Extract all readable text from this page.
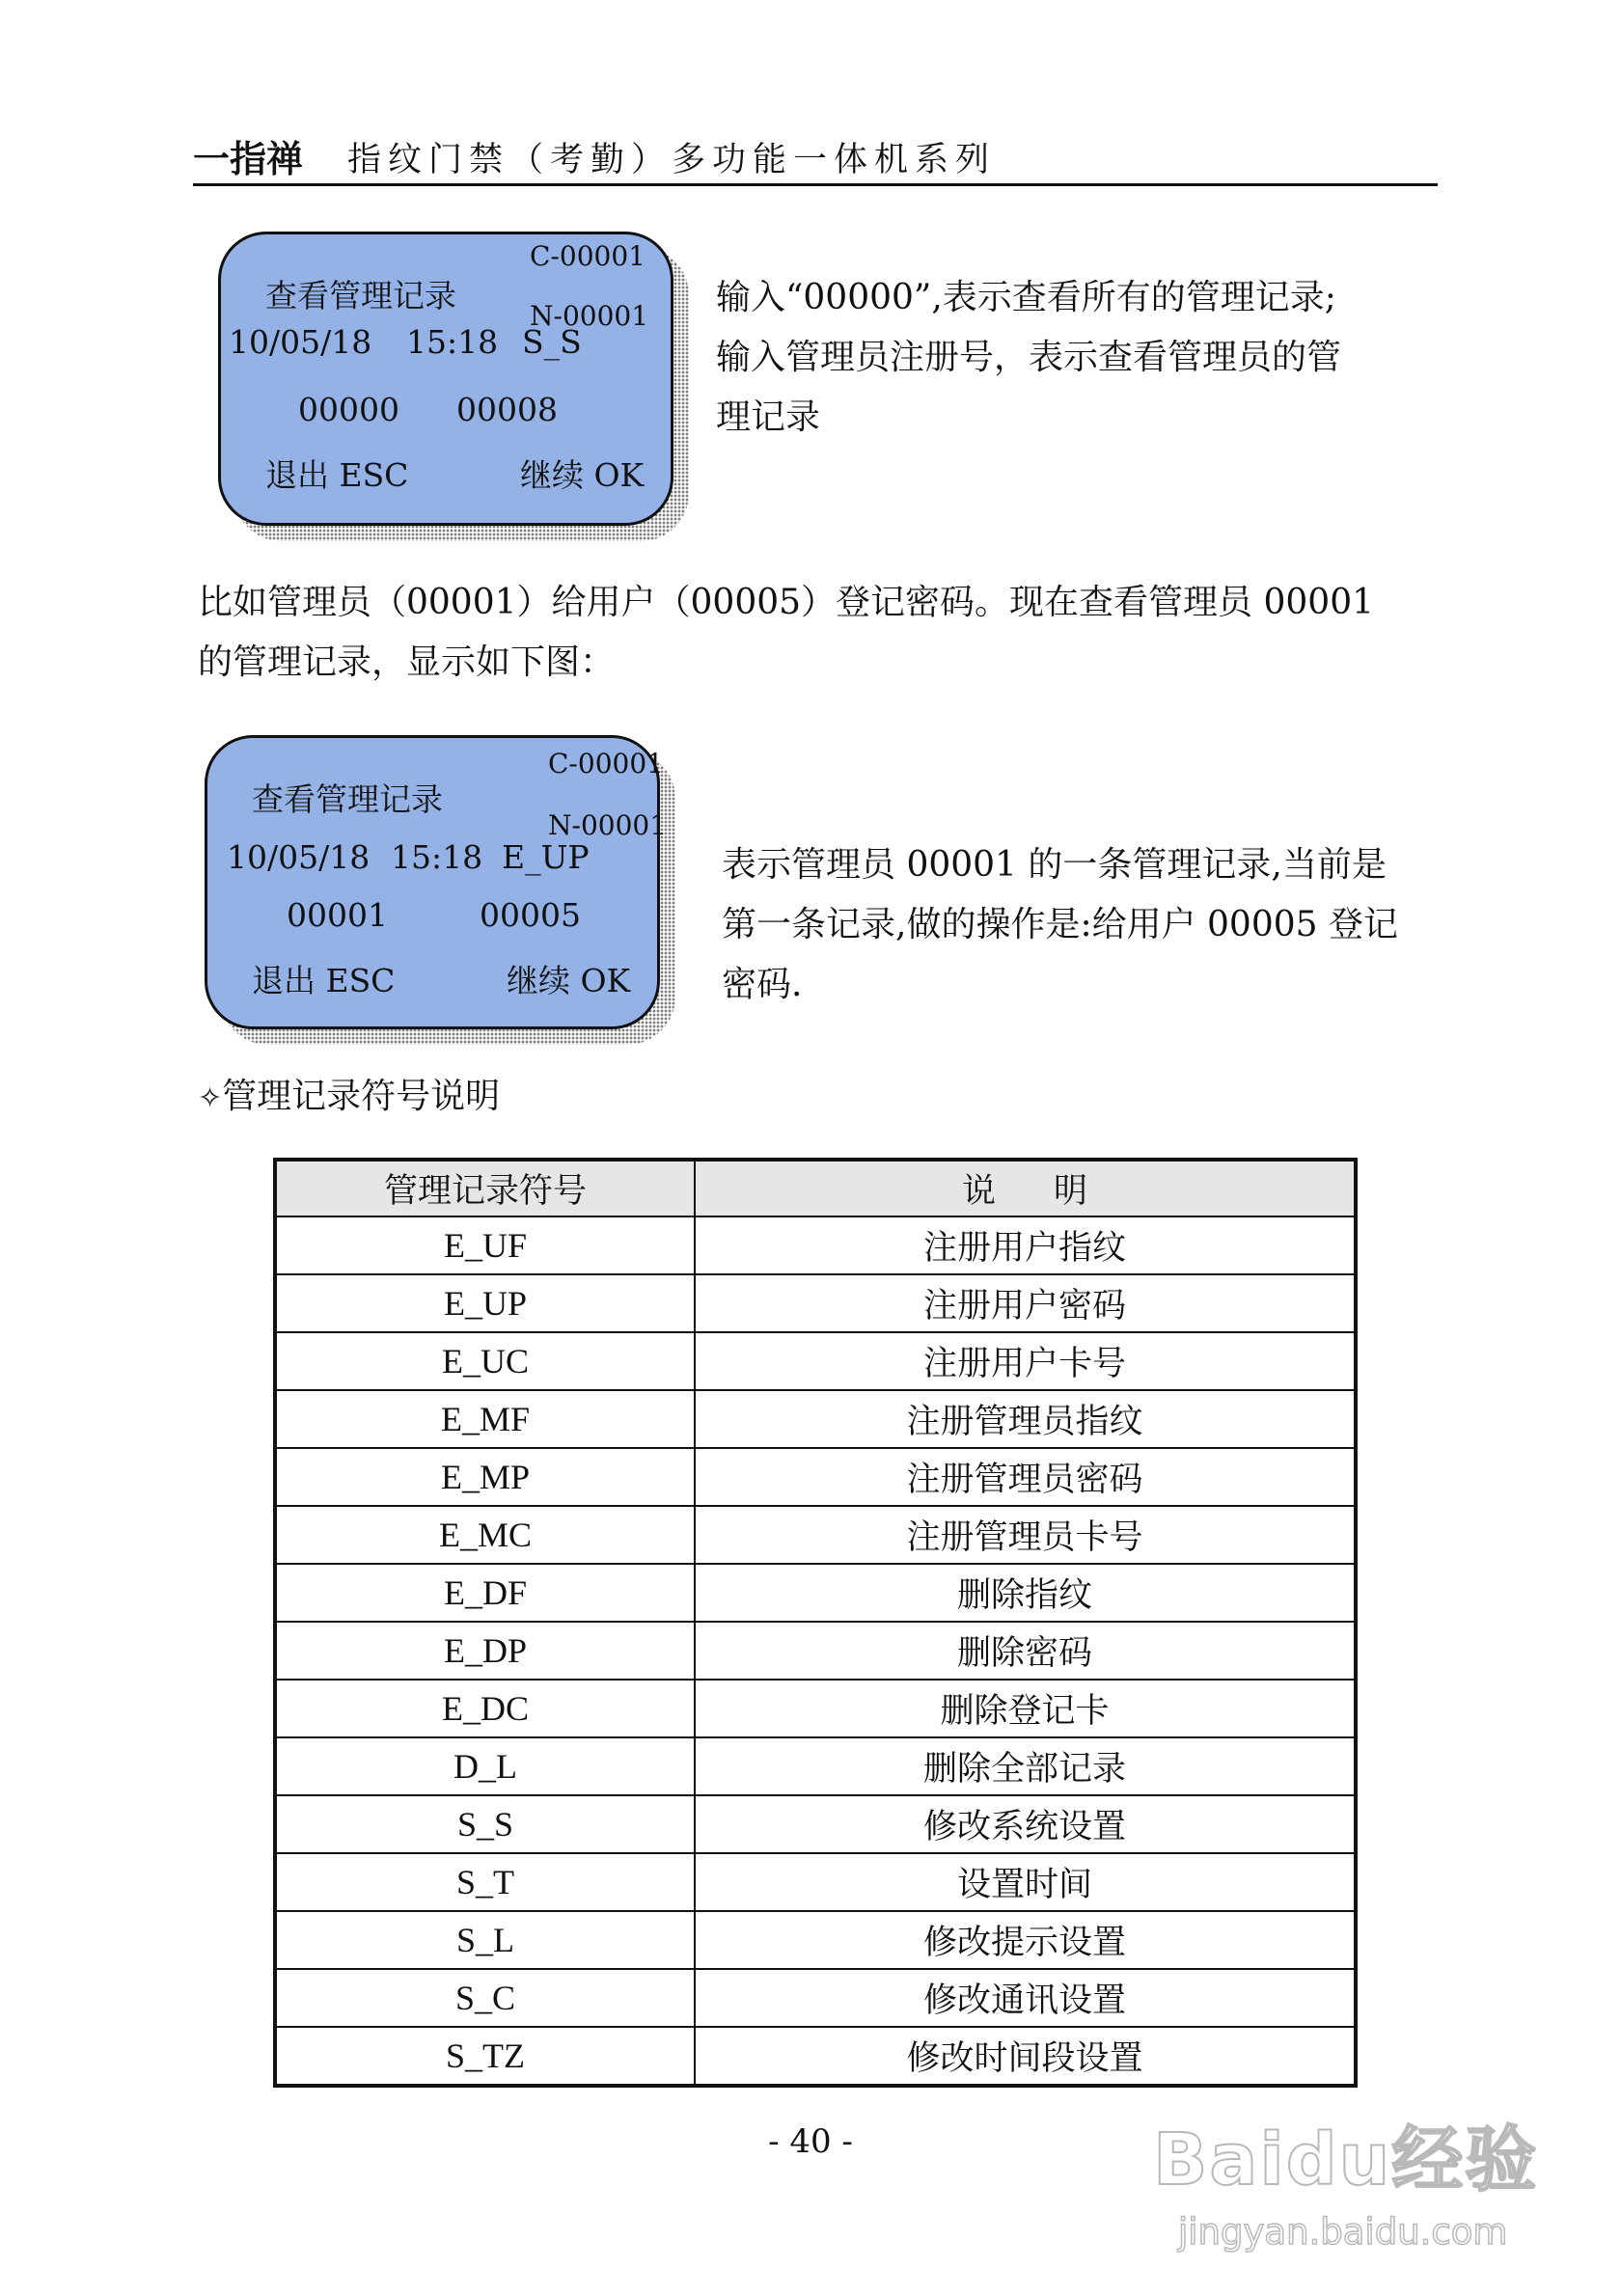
一指禅 指纹门禁（考勤）多功能一体机系列
C-00001
查看管理记录
N-00001
10/05/18 15:18 S_S
00000 00008
退出 ESC	继续 OK

输入“00000”,表示查看所有的管理记录;

输入管理员注册号，表示查看管理员的管

理记录

比如管理员（00001）给用户（00005）登记密码。现在查看管理员 00001

的管理记录，显示如下图：

C-00001
查看管理记录
N-00001
10/05/18 15:18 E_UP
00001	00005
退出 ESC	继续 OK

表示管理员 00001 的一条管理记录,当前是

第一条记录,做的操作是:给用户 00005 登记

密码.

✧管理记录符号说明
管理记录符号	说明
E_UF	注册用户指纹
E_UP	注册用户密码
E_UC	注册用户卡号
E_MF	注册管理员指纹
E_MP	注册管理员密码
E_MC	注册管理员卡号
E_DF	删除指纹
E_DP	删除密码
E_DC	删除登记卡
D_L	删除全部记录
S_S	修改系统设置
S_T	设置时间
S_L	修改提示设置
S_C	修改通讯设置
S_TZ	修改时间段设置
- 40 -	Baidu经验
jingyan.baidu.com
